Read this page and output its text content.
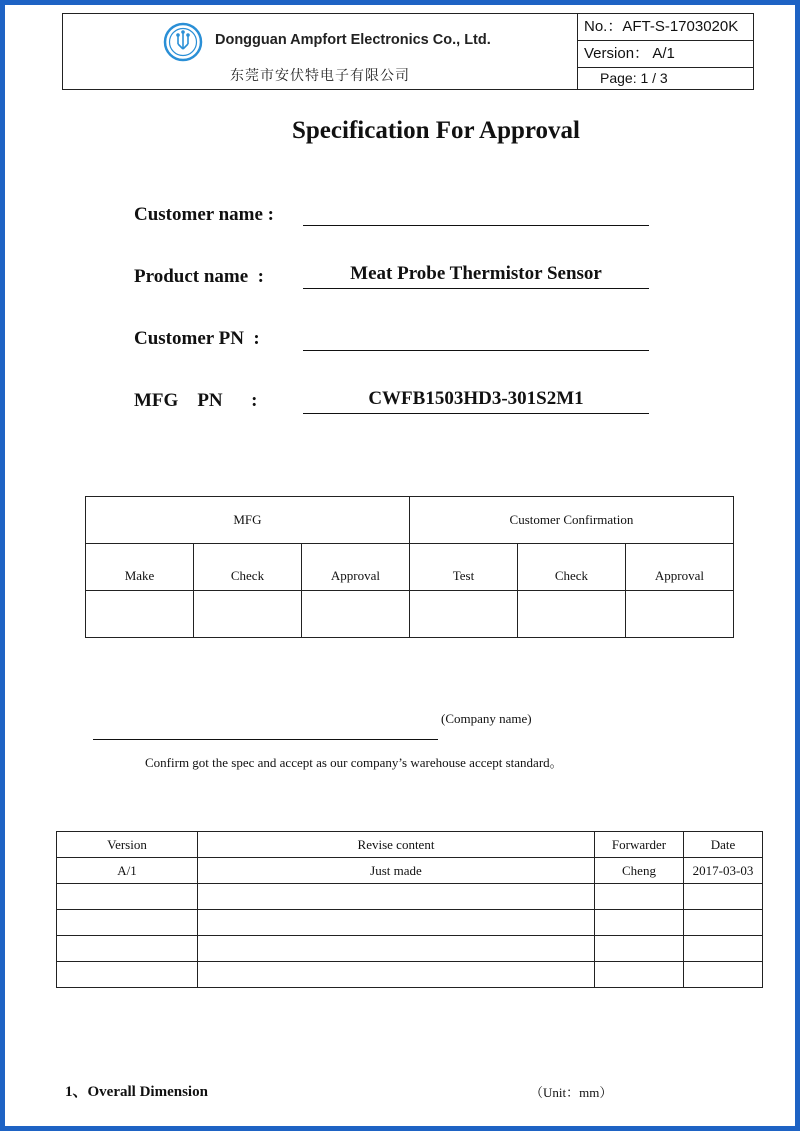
Dongguan Ampfort Electronics Co., Ltd.
东莞市安伏特电子有限公司
No.：AFT-S-1703020K
Version： A/1
Page: 1 / 3
Specification For Approval
Customer name :
Product name  :	Meat Probe Thermistor Sensor
Customer PN  :
MFG    PN      :	CWFB1503HD3-301S2M1
MFG			Customer Confirmation		
Make	Check	Approval	Test	Check	Approval

(Company name)
Confirm got the spec and accept as our company’s warehouse accept standard。
Version	Revise content	Forwarder	Date
A/1	Just made	Cheng	2017-03-03

1、Overall Dimension	（Unit：mm）
